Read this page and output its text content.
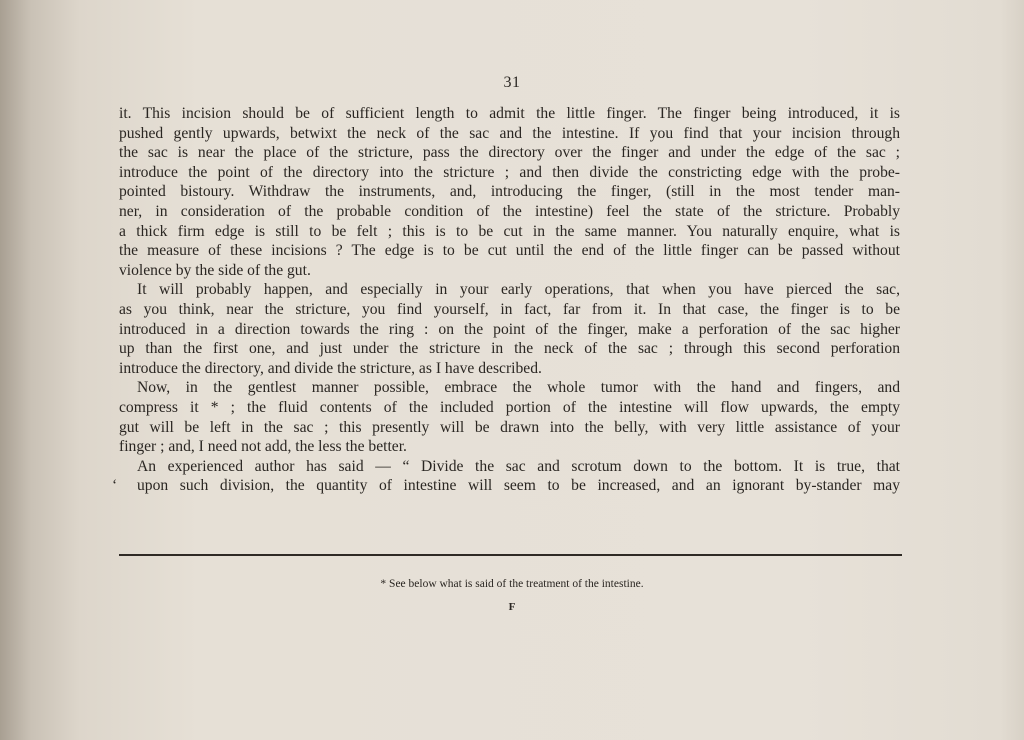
31
it. This incision should be of sufficient length to admit the little finger. The finger being introduced, it is
pushed gently upwards, betwixt the neck of the sac and the intestine. If you find that your incision through
the sac is near the place of the stricture, pass the directory over the finger and under the edge of the sac ;
introduce the point of the directory into the stricture ; and then divide the constricting edge with the probe-
pointed bistoury. Withdraw the instruments, and, introducing the finger, (still in the most tender man-
ner, in consideration of the probable condition of the intestine) feel the state of the stricture. Probably
a thick firm edge is still to be felt ; this is to be cut in the same manner. You naturally enquire, what is
the measure of these incisions ? The edge is to be cut until the end of the little finger can be passed without
violence by the side of the gut.
It will probably happen, and especially in your early operations, that when you have pierced the sac,
as you think, near the stricture, you find yourself, in fact, far from it. In that case, the finger is to be
introduced in a direction towards the ring : on the point of the finger, make a perforation of the sac higher
up than the first one, and just under the stricture in the neck of the sac ; through this second perforation
introduce the directory, and divide the stricture, as I have described.
Now, in the gentlest manner possible, embrace the whole tumor with the hand and fingers, and
compress it * ; the fluid contents of the included portion of the intestine will flow upwards, the empty
gut will be left in the sac ; this presently will be drawn into the belly, with very little assistance of your
finger ; and, I need not add, the less the better.
An experienced author has said — “ Divide the sac and scrotum down to the bottom. It is true, that
‘ upon such division, the quantity of intestine will seem to be increased, and an ignorant by-stander may
* See below what is said of the treatment of the intestine.
F
